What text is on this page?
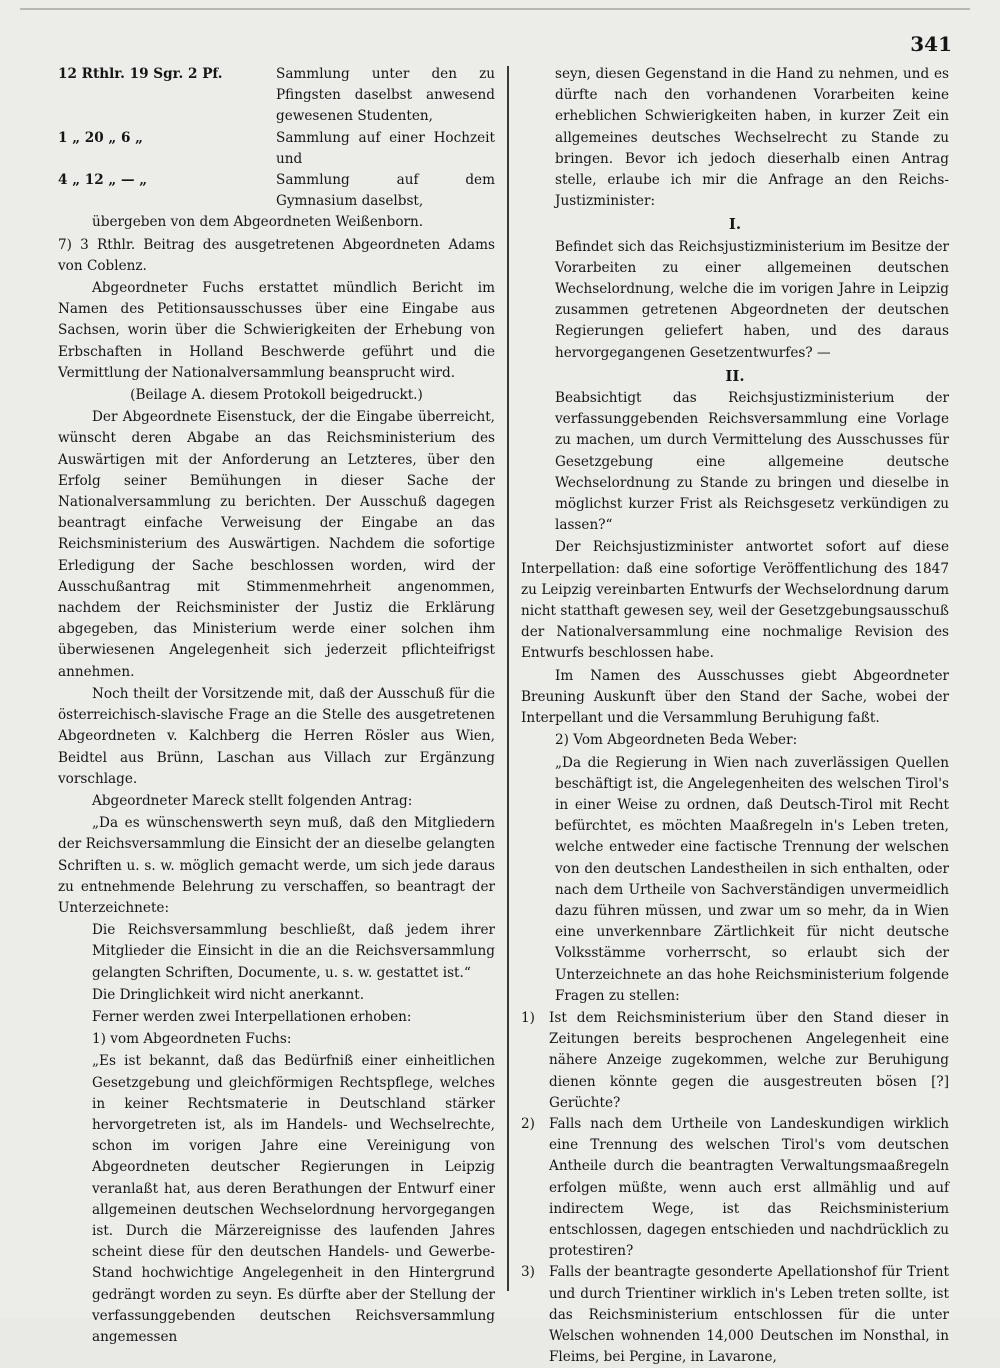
341
12 Rthlr. 19 Sgr. 2 Pf.	Sammlung unter den zu Pfingsten daselbst anwesend gewesenen Studenten,
1 „ 20 „ 6 „	Sammlung auf einer Hochzeit und
4 „ 12 „ — „	Sammlung auf dem Gymnasium daselbst,

übergeben von dem Abgeordneten Weißenborn.

7) 3 Rthlr. Beitrag des ausgetretenen Abgeordneten Adams von Coblenz.

Abgeordneter Fuchs erstattet mündlich Bericht im Namen des Petitionsausschusses über eine Eingabe aus Sachsen, worin über die Schwierigkeiten der Erhebung von Erbschaften in Holland Beschwerde geführt und die Vermittlung der Nationalversammlung beansprucht wird.

(Beilage A. diesem Protokoll beigedruckt.)

Der Abgeordnete Eisenstuck, der die Eingabe überreicht, wünscht deren Abgabe an das Reichsministerium des Auswärtigen mit der Anforderung an Letzteres, über den Erfolg seiner Bemühungen in dieser Sache der Nationalversammlung zu berichten. Der Ausschuß dagegen beantragt einfache Verweisung der Eingabe an das Reichsministerium des Auswärtigen. Nachdem die sofortige Erledigung der Sache beschlossen worden, wird der Ausschußantrag mit Stimmenmehrheit angenommen, nachdem der Reichsminister der Justiz die Erklärung abgegeben, das Ministerium werde einer solchen ihm überwiesenen Angelegenheit sich jederzeit pflichteifrigst annehmen.

Noch theilt der Vorsitzende mit, daß der Ausschuß für die österreichisch-slavische Frage an die Stelle des ausgetretenen Abgeordneten v. Kalchberg die Herren Rösler aus Wien, Beidtel aus Brünn, Laschan aus Villach zur Ergänzung vorschlage.

Abgeordneter Mareck stellt folgenden Antrag:

„Da es wünschenswerth seyn muß, daß den Mitgliedern der Reichsversammlung die Einsicht der an dieselbe gelangten Schriften u. s. w. möglich gemacht werde, um sich jede daraus zu entnehmende Belehrung zu verschaffen, so beantragt der Unterzeichnete:

Die Reichsversammlung beschließt, daß jedem ihrer Mitglieder die Einsicht in die an die Reichsversammlung gelangten Schriften, Documente, u. s. w. gestattet ist.“

Die Dringlichkeit wird nicht anerkannt.

Ferner werden zwei Interpellationen erhoben:

1) vom Abgeordneten Fuchs:

„Es ist bekannt, daß das Bedürfniß einer einheitlichen Gesetzgebung und gleichförmigen Rechtspflege, welches in keiner Rechtsmaterie in Deutschland stärker hervorgetreten ist, als im Handels- und Wechselrechte, schon im vorigen Jahre eine Vereinigung von Abgeordneten deutscher Regierungen in Leipzig veranlaßt hat, aus deren Berathungen der Entwurf einer allgemeinen deutschen Wechselordnung hervorgegangen ist. Durch die Märzereignisse des laufenden Jahres scheint diese für den deutschen Handels- und Gewerbe-Stand hochwichtige Angelegenheit in den Hintergrund gedrängt worden zu seyn. Es dürfte aber der Stellung der verfassunggebenden deutschen Reichsversammlung angemessen

seyn, diesen Gegenstand in die Hand zu nehmen, und es dürfte nach den vorhandenen Vorarbeiten keine erheblichen Schwierigkeiten haben, in kurzer Zeit ein allgemeines deutsches Wechselrecht zu Stande zu bringen. Bevor ich jedoch dieserhalb einen Antrag stelle, erlaube ich mir die Anfrage an den Reichs-Justizminister:

I.

Befindet sich das Reichsjustizministerium im Besitze der Vorarbeiten zu einer allgemeinen deutschen Wechselordnung, welche die im vorigen Jahre in Leipzig zusammen getretenen Abgeordneten der deutschen Regierungen geliefert haben, und des daraus hervorgegangenen Gesetzentwurfes? —

II.

Beabsichtigt das Reichsjustizministerium der verfassunggebenden Reichsversammlung eine Vorlage zu machen, um durch Vermittelung des Ausschusses für Gesetzgebung eine allgemeine deutsche Wechselordnung zu Stande zu bringen und dieselbe in möglichst kurzer Frist als Reichsgesetz verkündigen zu lassen?“

Der Reichsjustizminister antwortet sofort auf diese Interpellation: daß eine sofortige Veröffentlichung des 1847 zu Leipzig vereinbarten Entwurfs der Wechselordnung darum nicht statthaft gewesen sey, weil der Gesetzgebungsausschuß der Nationalversammlung eine nochmalige Revision des Entwurfs beschlossen habe.

Im Namen des Ausschusses giebt Abgeordneter Breuning Auskunft über den Stand der Sache, wobei der Interpellant und die Versammlung Beruhigung faßt.

2) Vom Abgeordneten Beda Weber:

„Da die Regierung in Wien nach zuverlässigen Quellen beschäftigt ist, die Angelegenheiten des welschen Tirol's in einer Weise zu ordnen, daß Deutsch-Tirol mit Recht befürchtet, es möchten Maaßregeln in's Leben treten, welche entweder eine factische Trennung der welschen von den deutschen Landestheilen in sich enthalten, oder nach dem Urtheile von Sachverständigen unvermeidlich dazu führen müssen, und zwar um so mehr, da in Wien eine unverkennbare Zärtlichkeit für nicht deutsche Volksstämme vorherrscht, so erlaubt sich der Unterzeichnete an das hohe Reichsministerium folgende Fragen zu stellen:

1)	Ist dem Reichsministerium über den Stand dieser in Zeitungen bereits besprochenen Angelegenheit eine nähere Anzeige zugekommen, welche zur Beruhigung dienen könnte gegen die ausgestreuten bösen [?] Gerüchte?
2)	Falls nach dem Urtheile von Landeskundigen wirklich eine Trennung des welschen Tirol's vom deutschen Antheile durch die beantragten Verwaltungsmaaßregeln erfolgen müßte, wenn auch erst allmählig und auf indirectem Wege, ist das Reichsministerium entschlossen, dagegen entschieden und nachdrücklich zu protestiren?
3)	Falls der beantragte gesonderte Apellationshof für Trient und durch Trientiner wirklich in's Leben treten sollte, ist das Reichsministerium entschlossen für die unter Welschen wohnenden 14,000 Deutschen im Nonsthal, in Fleims, bei Pergine, in Lavarone,
